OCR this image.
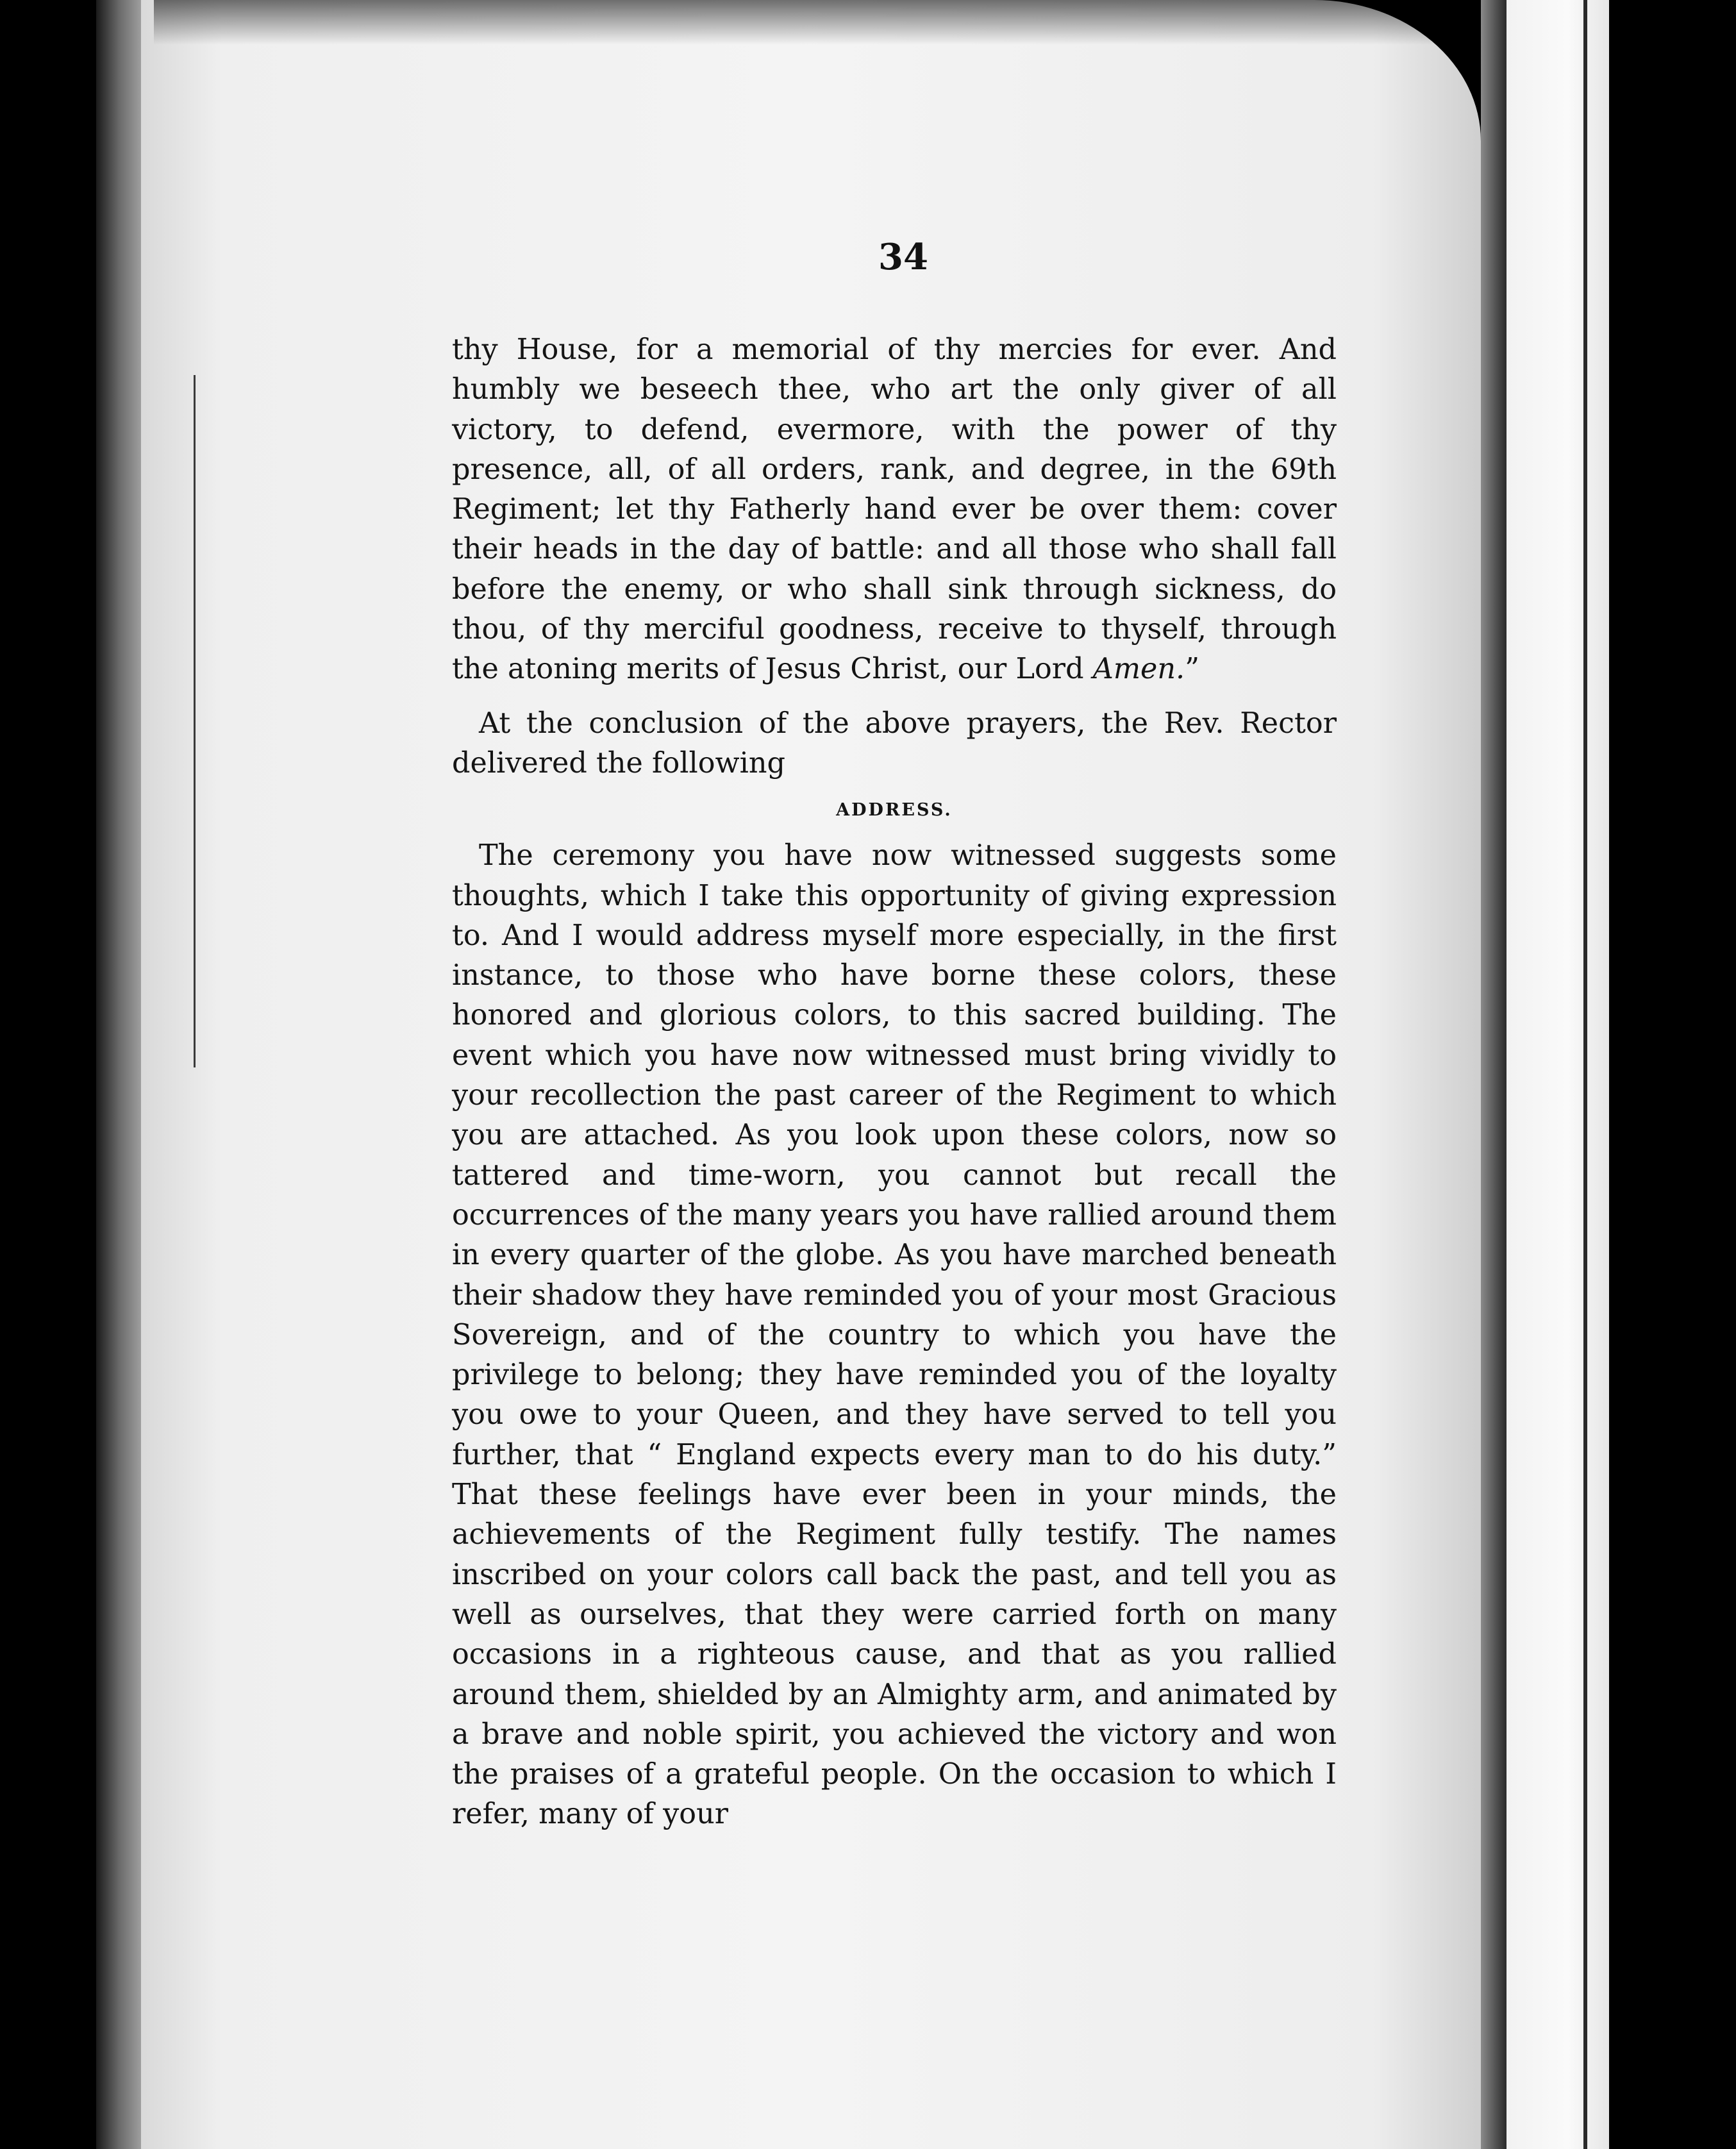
34

thy House, for a memorial of thy mercies for ever. And humbly we beseech thee, who art the only giver of all victory, to defend, evermore, with the power of thy presence, all, of all orders, rank, and degree, in the 69th Regiment; let thy Fatherly hand ever be over them: cover their heads in the day of battle: and all those who shall fall before the enemy, or who shall sink through sickness, do thou, of thy merciful goodness, receive to thyself, through the atoning merits of Jesus Christ, our Lord Amen.”

At the conclusion of the above prayers, the Rev. Rector delivered the following

ADDRESS.

The ceremony you have now witnessed suggests some thoughts, which I take this opportunity of giving expression to. And I would address myself more especially, in the first instance, to those who have borne these colors, these honored and glorious colors, to this sacred building. The event which you have now witnessed must bring vividly to your recollection the past career of the Regiment to which you are attached. As you look upon these colors, now so tattered and time-worn, you cannot but recall the occurrences of the many years you have rallied around them in every quarter of the globe. As you have marched beneath their shadow they have reminded you of your most Gracious Sovereign, and of the country to which you have the privilege to belong; they have reminded you of the loyalty you owe to your Queen, and they have served to tell you further, that “ England expects every man to do his duty.” That these feelings have ever been in your minds, the achievements of the Regiment fully testify. The names inscribed on your colors call back the past, and tell you as well as ourselves, that they were carried forth on many occasions in a righteous cause, and that as you rallied around them, shielded by an Almighty arm, and animated by a brave and noble spirit, you achieved the victory and won the praises of a grateful people. On the occasion to which I refer, many of your
